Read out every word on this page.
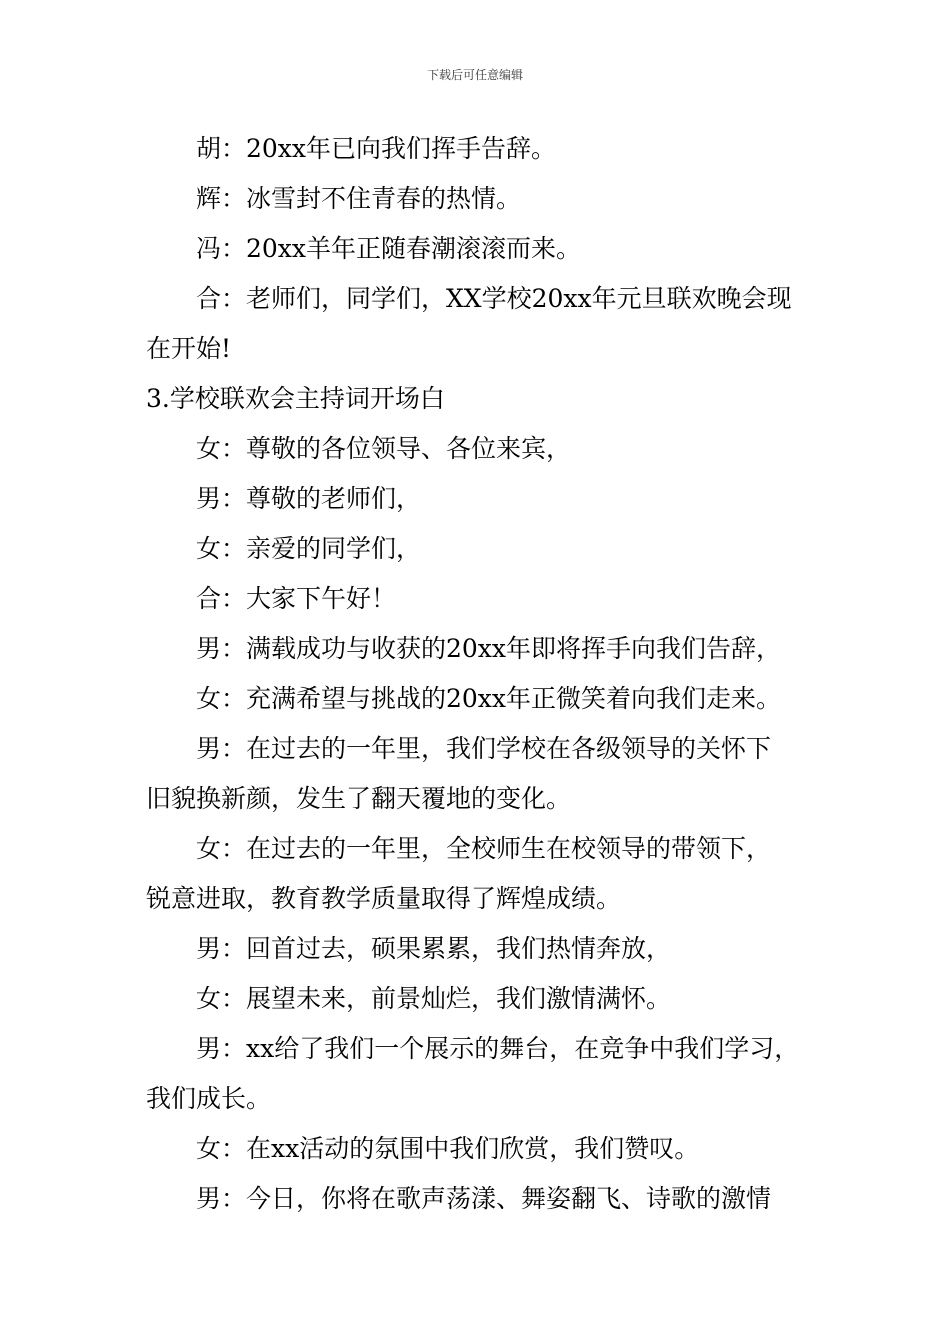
下载后可任意编辑
胡：20xx年已向我们挥手告辞。
辉：冰雪封不住青春的热情。
冯：20xx羊年正随春潮滚滚而来。
合：老师们，同学们，XX学校20xx年元旦联欢晚会现
在开始!
3.学校联欢会主持词开场白
女：尊敬的各位领导、各位来宾，
男：尊敬的老师们，
女：亲爱的同学们，
合：大家下午好！
男：满载成功与收获的20xx年即将挥手向我们告辞，
女：充满希望与挑战的20xx年正微笑着向我们走来。
男：在过去的一年里，我们学校在各级领导的关怀下
旧貌换新颜，发生了翻天覆地的变化。
女：在过去的一年里，全校师生在校领导的带领下，
锐意进取，教育教学质量取得了辉煌成绩。
男：回首过去，硕果累累，我们热情奔放，
女：展望未来，前景灿烂，我们激情满怀。
男：xx给了我们一个展示的舞台，在竞争中我们学习，
我们成长。
女：在xx活动的氛围中我们欣赏，我们赞叹。
男：今日，你将在歌声荡漾、舞姿翻飞、诗歌的激情
